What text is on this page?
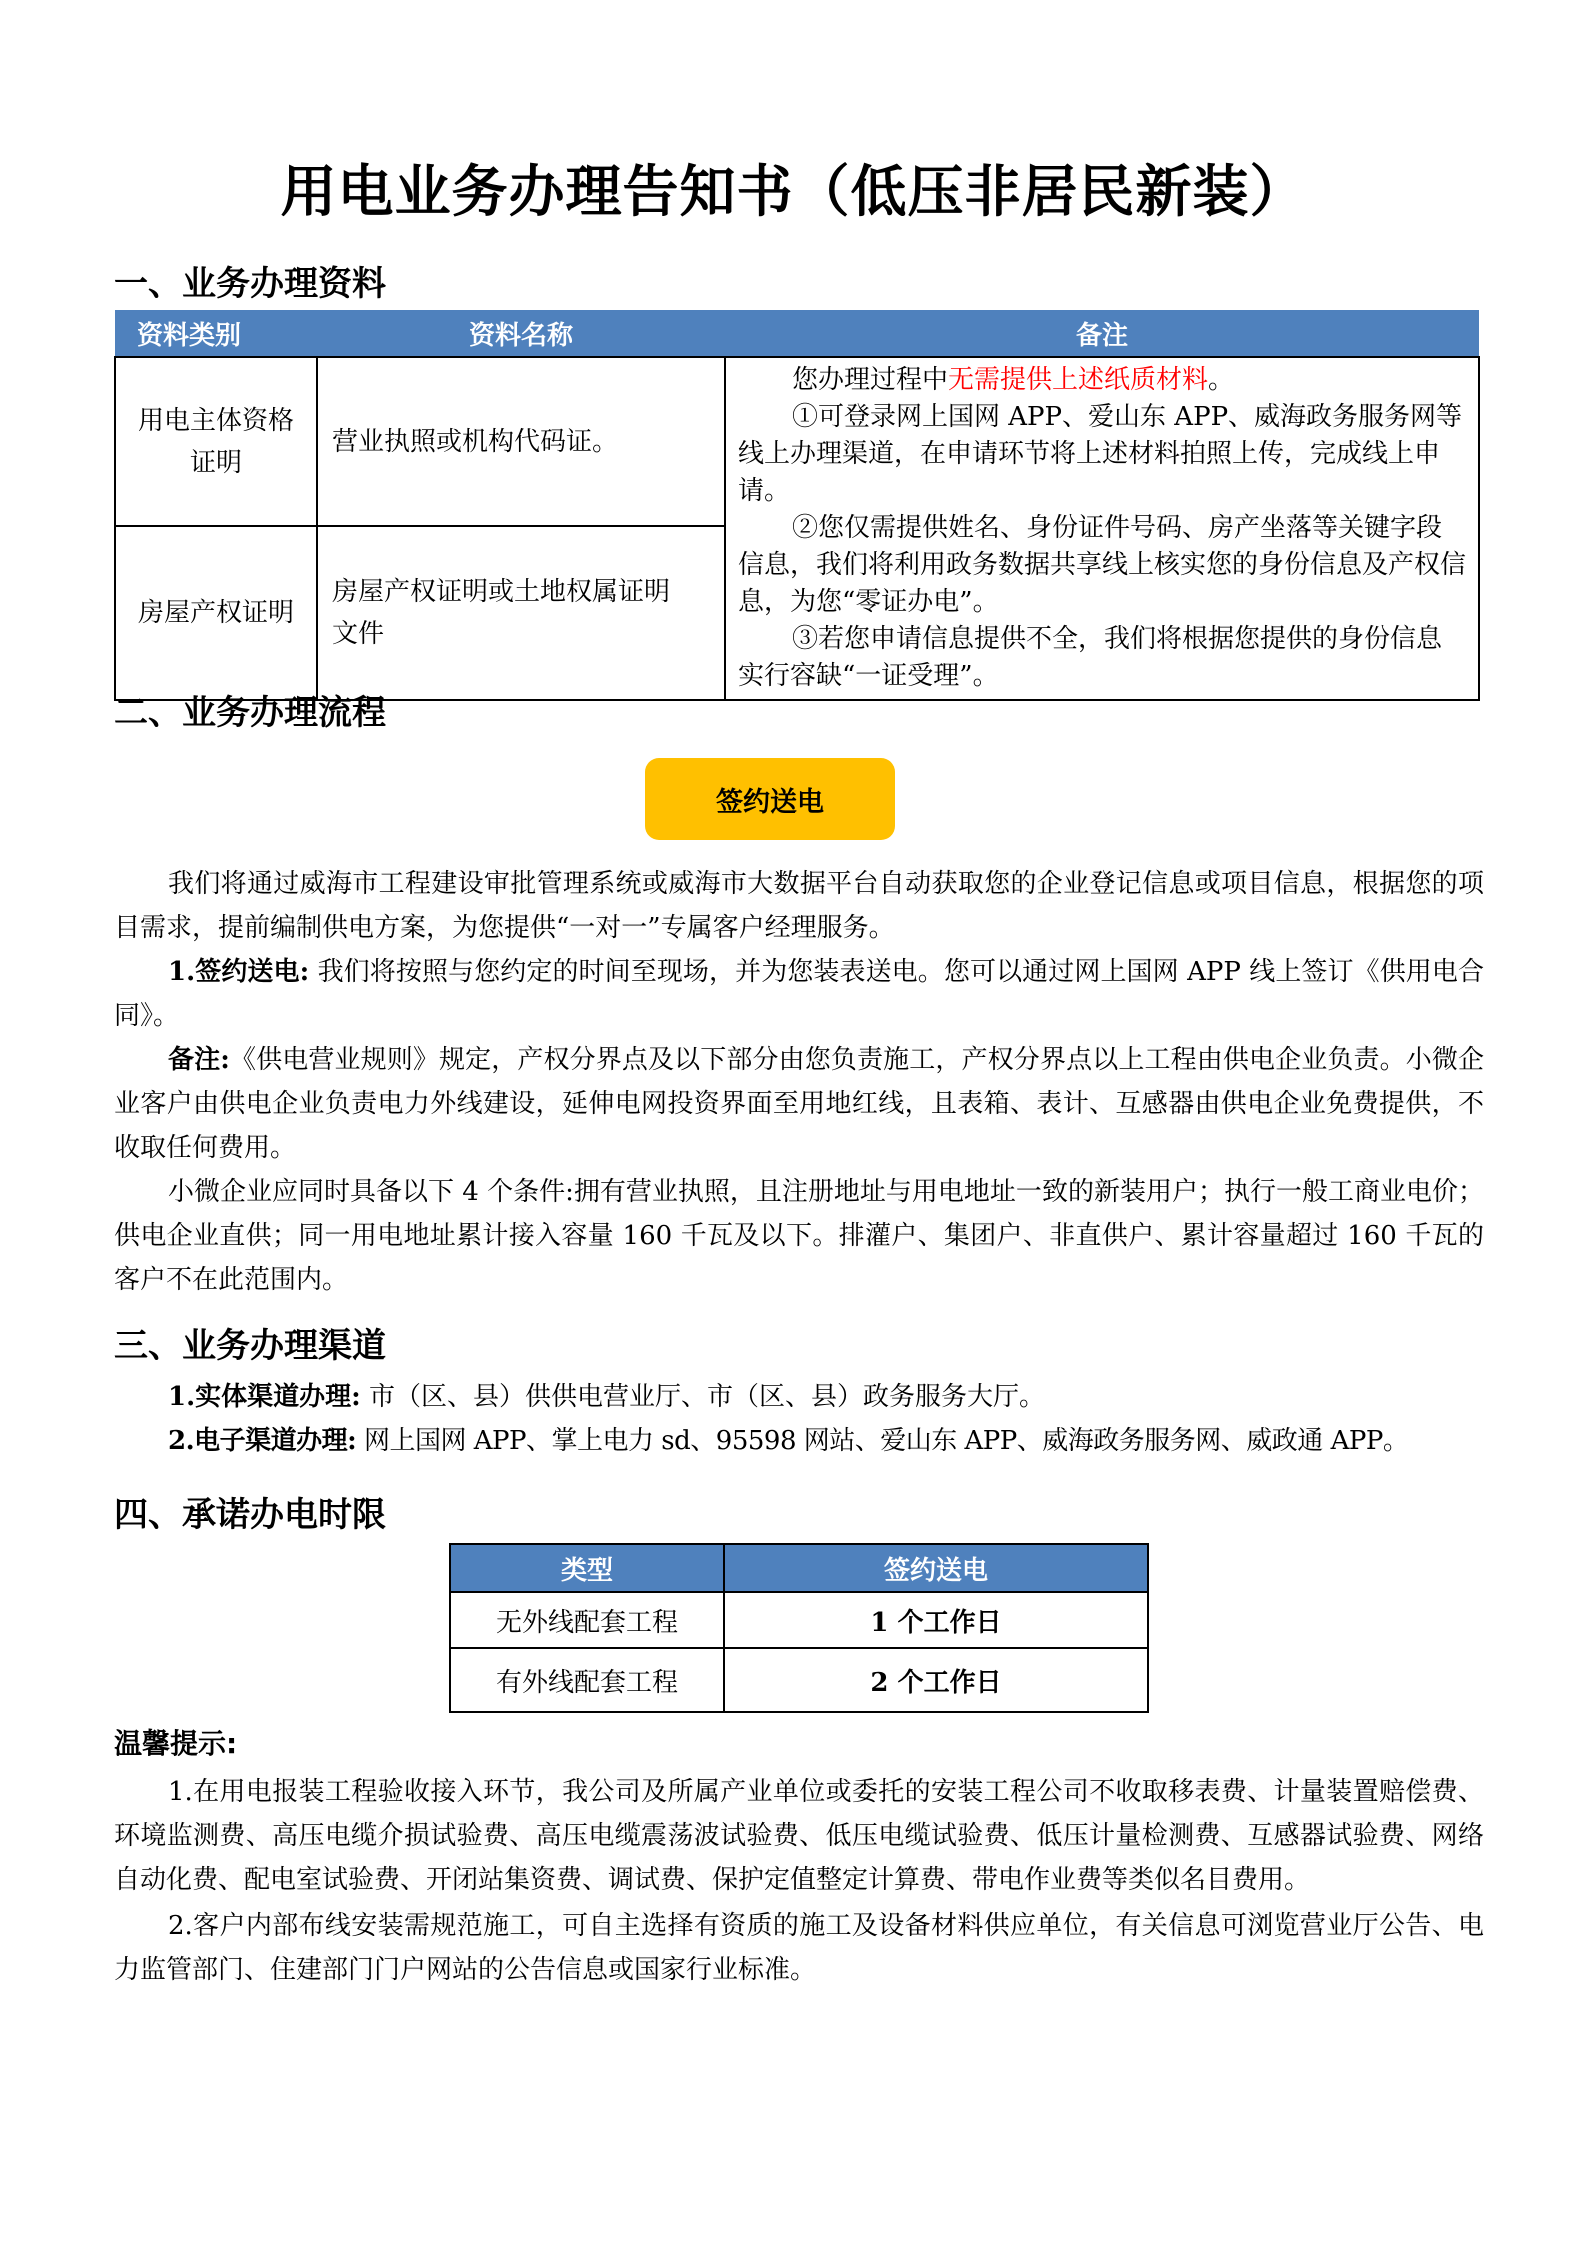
用电业务办理告知书（低压非居民新装）
一、业务办理资料
资料类别	资料名称	备注
用电主体资格证明	营业执照或机构代码证。	您办理过程中无需提供上述纸质材料。

①可登录网上国网 APP、爱山东 APP、威海政务服务网等线上办理渠道，在申请环节将上述材料拍照上传，完成线上申请。

②您仅需提供姓名、身份证件号码、房产坐落等关键字段信息，我们将利用政务数据共享线上核实您的身份信息及产权信息，为您“零证办电”。

③若您申请信息提供不全，我们将根据您提供的身份信息实行容缺“一证受理”。

房屋产权证明	房屋产权证明或土地权属证明文件	
二、业务办理流程
签约送电

我们将通过威海市工程建设审批管理系统或威海市大数据平台自动获取您的企业登记信息或项目信息，根据您的项目需求，提前编制供电方案，为您提供“一对一”专属客户经理服务。

1.签约送电: 我们将按照与您约定的时间至现场，并为您装表送电。您可以通过网上国网 APP 线上签订《供用电合同》。

备注:《供电营业规则》规定，产权分界点及以下部分由您负责施工，产权分界点以上工程由供电企业负责。小微企业客户由供电企业负责电力外线建设，延伸电网投资界面至用地红线，且表箱、表计、互感器由供电企业免费提供，不收取任何费用。

小微企业应同时具备以下 4 个条件:拥有营业执照，且注册地址与用电地址一致的新装用户；执行一般工商业电价；供电企业直供；同一用电地址累计接入容量 160 千瓦及以下。排灌户、集团户、非直供户、累计容量超过 160 千瓦的客户不在此范围内。

三、业务办理渠道

1.实体渠道办理: 市（区、县）供供电营业厅、市（区、县）政务服务大厅。

2.电子渠道办理: 网上国网 APP、掌上电力 sd、95598 网站、爱山东 APP、威海政务服务网、威政通 APP。

四、承诺办电时限
类型	签约送电
无外线配套工程	1 个工作日
有外线配套工程	2 个工作日
温馨提示:

1.在用电报装工程验收接入环节，我公司及所属产业单位或委托的安装工程公司不收取移表费、计量装置赔偿费、环境监测费、高压电缆介损试验费、高压电缆震荡波试验费、低压电缆试验费、低压计量检测费、互感器试验费、网络自动化费、配电室试验费、开闭站集资费、调试费、保护定值整定计算费、带电作业费等类似名目费用。

2.客户内部布线安装需规范施工，可自主选择有资质的施工及设备材料供应单位，有关信息可浏览营业厅公告、电力监管部门、住建部门门户网站的公告信息或国家行业标准。
